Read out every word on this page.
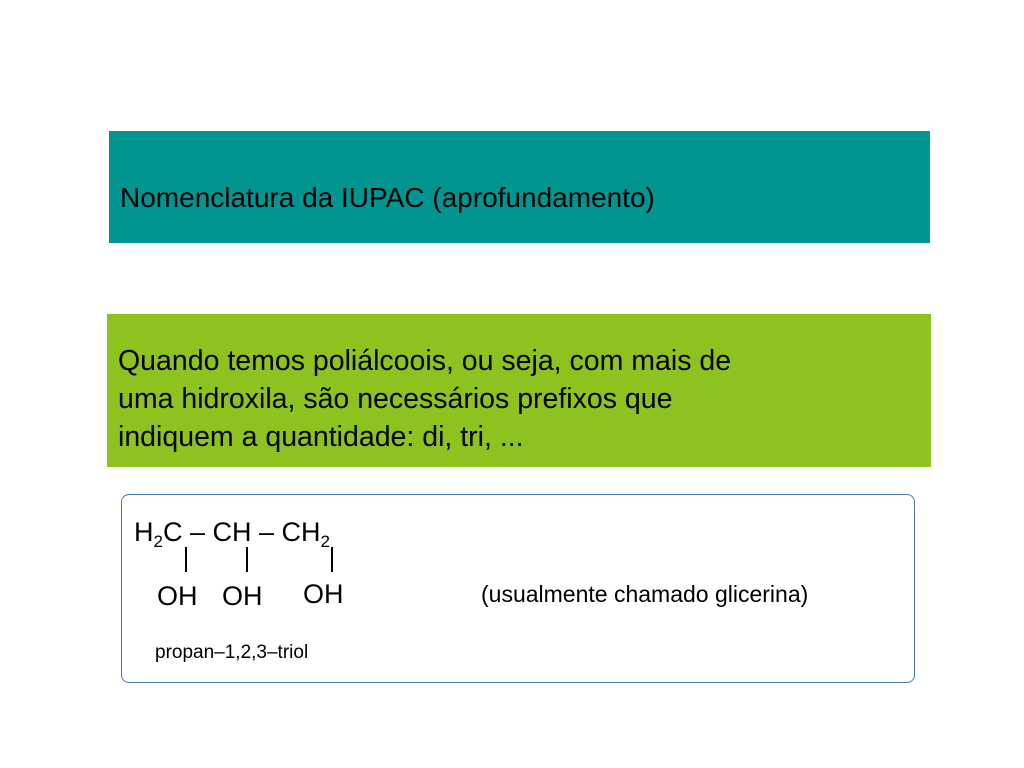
Nomenclatura da IUPAC (aprofundamento)
Quando temos poliálcoois, ou seja, com mais de
uma hidroxila, são necessários prefixos que
indiquem a quantidade: di, tri, ...
$H_2C$ – CH – $CH_2$
OH OH OH	(usualmente chamado glicerina)
propan–1,2,3–triol
